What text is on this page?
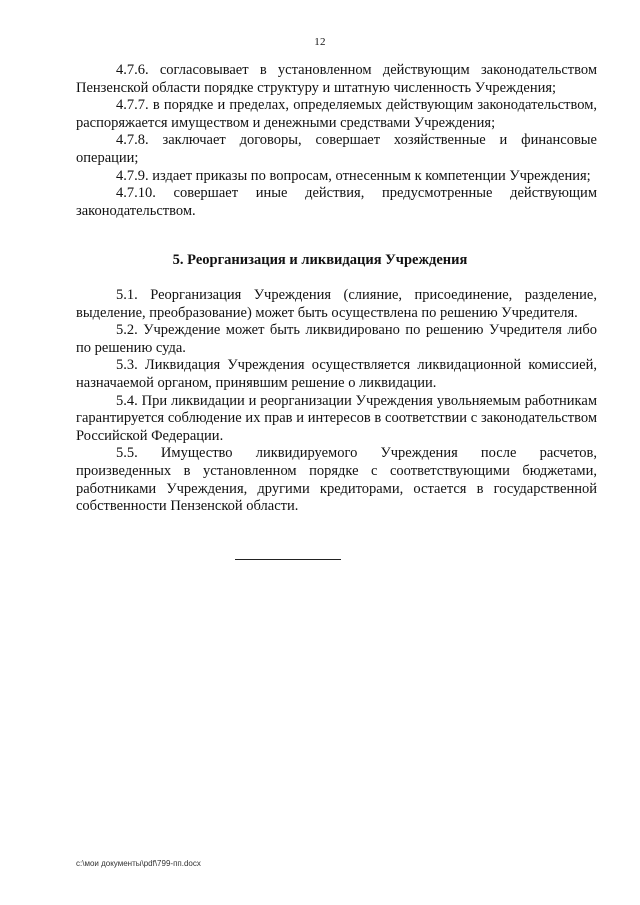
12

4.7.6. согласовывает в установленном действующим законодательством Пензенской области порядке структуру и штатную численность Учреждения;

4.7.7. в порядке и пределах, определяемых действующим законодательством, распоряжается имуществом и денежными средствами Учреждения;

4.7.8. заключает договоры, совершает хозяйственные и финансовые операции;

4.7.9. издает приказы по вопросам, отнесенным к компетенции Учреждения;

4.7.10. совершает иные действия, предусмотренные действующим законодательством.

5. Реорганизация и ликвидация Учреждения

5.1. Реорганизация Учреждения (слияние, присоединение, разделение, выделение, преобразование) может быть осуществлена по решению Учредителя.

5.2. Учреждение может быть ликвидировано по решению Учредителя либо по решению суда.

5.3. Ликвидация Учреждения осуществляется ликвидационной комиссией, назначаемой органом, принявшим решение о ликвидации.

5.4. При ликвидации и реорганизации Учреждения увольняемым работникам гарантируется соблюдение их прав и интересов в соответствии с законодательством Российской Федерации.

5.5. Имущество ликвидируемого Учреждения после расчетов, произведенных в установленном порядке с соответствующими бюджетами, работниками Учреждения, другими кредиторами, остается в государственной собственности Пензенской области.

c:\мои документы\pdf\799-пп.docx
